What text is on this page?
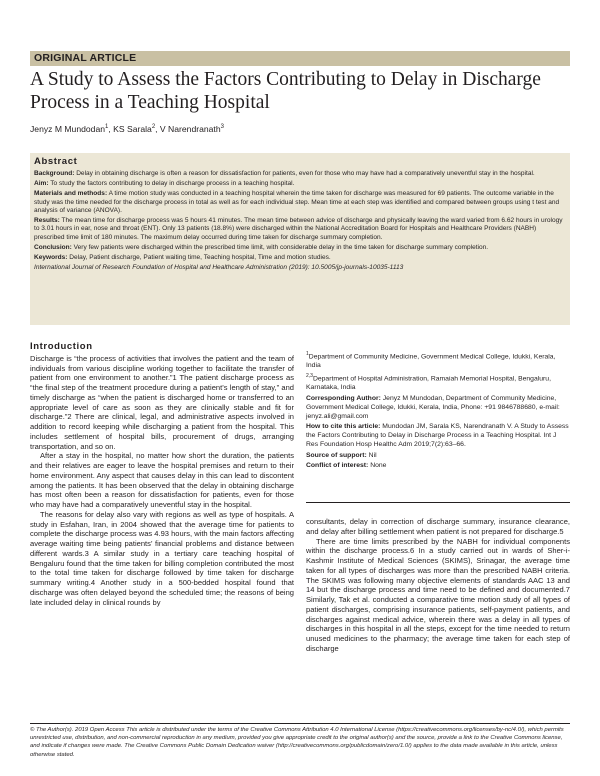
ORIGINAL ARTICLE
A Study to Assess the Factors Contributing to Delay in Discharge Process in a Teaching Hospital
Jenyz M Mundodan$^1$, KS Sarala$^2$, V Narendranath$^3$
Abstract

Background: Delay in obtaining discharge is often a reason for dissatisfaction for patients, even for those who may have had a comparatively uneventful stay in the hospital.

Aim: To study the factors contributing to delay in discharge process in a teaching hospital.

Materials and methods: A time motion study was conducted in a teaching hospital wherein the time taken for discharge was measured for 69 patients. The outcome variable in the study was the time needed for the discharge process in total as well as for each individual step. Mean time at each step was identified and compared between groups using t test and analysis of variance (ANOVA).

Results: The mean time for discharge process was 5 hours 41 minutes. The mean time between advice of discharge and physically leaving the ward varied from 6.62 hours in urology to 3.01 hours in ear, nose and throat (ENT). Only 13 patients (18.8%) were discharged within the National Accreditation Board for Hospitals and Healthcare Providers (NABH) prescribed time limit of 180 minutes. The maximum delay occurred during time taken for discharge summary completion.

Conclusion: Very few patients were discharged within the prescribed time limit, with considerable delay in the time taken for discharge summary completion.

Keywords: Delay, Patient discharge, Patient waiting time, Teaching hospital, Time and motion studies.

International Journal of Research Foundation of Hospital and Healthcare Administration (2019): 10.5005/jp-journals-10035-1113

Introduction

Discharge is “the process of activities that involves the patient and the team of individuals from various discipline working together to facilitate the transfer of patient from one environment to another.”1 The patient discharge process as “the final step of the treatment procedure during a patient’s length of stay,” and timely discharge as “when the patient is discharged home or transferred to an appropriate level of care as soon as they are clinically stable and fit for discharge.”2 There are clinical, legal, and administrative aspects involved in addition to record keeping while discharging a patient from the hospital. This includes settlement of hospital bills, procurement of drugs, arranging transportation, and so on.

After a stay in the hospital, no matter how short the duration, the patients and their relatives are eager to leave the hospital premises and return to their home environment. Any aspect that causes delay in this can lead to discontent among the patients. It has been observed that the delay in obtaining discharge has most often been a reason for dissatisfaction for patients, even for those who may have had a comparatively uneventful stay in the hospital.

The reasons for delay also vary with regions as well as type of hospitals. A study in Esfahan, Iran, in 2004 showed that the average time for patients to complete the discharge process was 4.93 hours, with the main factors affecting average waiting time being patients’ financial problems and distance between different wards.3 A similar study in a tertiary care teaching hospital of Bengaluru found that the time taken for billing completion contributed the most to the total time taken for discharge followed by time taken for discharge summary writing.4 Another study in a 500-bedded hospital found that discharge was often delayed beyond the scheduled time; the reasons of being late included delay in clinical rounds by

$^1$Department of Community Medicine, Government Medical College, Idukki, Kerala, India

$^{2,3}$Department of Hospital Administration, Ramaiah Memorial Hospital, Bengaluru, Karnataka, India

Corresponding Author: Jenyz M Mundodan, Department of Community Medicine, Government Medical College, Idukki, Kerala, India, Phone: +91 9846788680, e-mail: jenyz.ali@gmail.com

How to cite this article: Mundodan JM, Sarala KS, Narendranath V. A Study to Assess the Factors Contributing to Delay in Discharge Process in a Teaching Hospital. Int J Res Foundation Hosp Healthc Adm 2019;7(2):63–66.

Source of support: Nil

Conflict of interest: None

consultants, delay in correction of discharge summary, insurance clearance, and delay after billing settlement when patient is not prepared for discharge.5

There are time limits prescribed by the NABH for individual components within the discharge process.6 In a study carried out in wards of Sher-i-Kashmir Institute of Medical Sciences (SKIMS), Srinagar, the average time taken for all types of discharges was more than the prescribed NABH criteria. The SKIMS was following many objective elements of standards AAC 13 and 14 but the discharge process and time need to be defined and documented.7 Similarly, Tak et al. conducted a comparative time motion study of all types of patient discharges, comprising insurance patients, self-payment patients, and discharges against medical advice, wherein there was a delay in all types of discharges in this hospital in all the steps, except for the time needed to return unused medicines to the pharmacy; the average time taken for each step of discharge

© The Author(s). 2019 Open Access This article is distributed under the terms of the Creative Commons Attribution 4.0 International License (https://creativecommons.org/licenses/by-nc/4.0/), which permits unrestricted use, distribution, and non-commercial reproduction in any medium, provided you give appropriate credit to the original author(s) and the source, provide a link to the Creative Commons license, and indicate if changes were made. The Creative Commons Public Domain Dedication waiver (http://creativecommons.org/publicdomain/zero/1.0/) applies to the data made available in this article, unless otherwise stated.
